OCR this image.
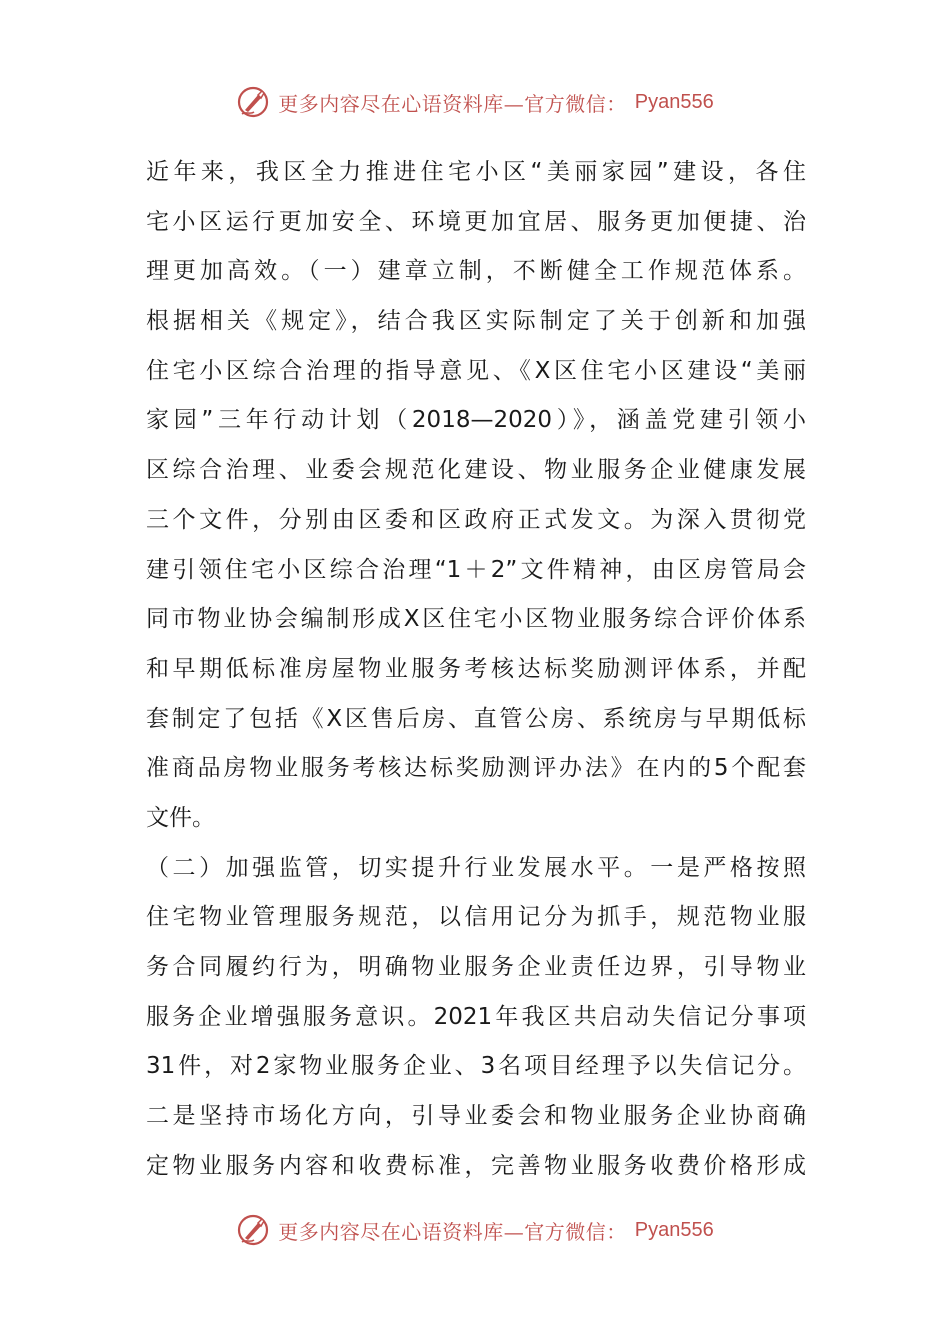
更多内容尽在心语资料库—官方微信： Pyan556
近年来，我区全力推进住宅小区“美丽家园”建设，各住
宅小区运行更加安全、环境更加宜居、服务更加便捷、治
理更加高效。（一）建章立制，不断健全工作规范体系。
根据相关《规定》，结合我区实际制定了关于创新和加强
住宅小区综合治理的指导意见、《X区住宅小区建设“美丽
家园”三年行动计划（2018—2020）》，涵盖党建引领小
区综合治理、业委会规范化建设、物业服务企业健康发展
三个文件，分别由区委和区政府正式发文。为深入贯彻党
建引领住宅小区综合治理“1＋2”文件精神，由区房管局会
同市物业协会编制形成X区住宅小区物业服务综合评价体系
和早期低标准房屋物业服务考核达标奖励测评体系，并配
套制定了包括《X区售后房、直管公房、系统房与早期低标
准商品房物业服务考核达标奖励测评办法》在内的5个配套
文件。
（二）加强监管，切实提升行业发展水平。一是严格按照
住宅物业管理服务规范，以信用记分为抓手，规范物业服
务合同履约行为，明确物业服务企业责任边界，引导物业
服务企业增强服务意识。2021年我区共启动失信记分事项
31件，对2家物业服务企业、3名项目经理予以失信记分。
二是坚持市场化方向，引导业委会和物业服务企业协商确
定物业服务内容和收费标准，完善物业服务收费价格形成
更多内容尽在心语资料库—官方微信： Pyan556
